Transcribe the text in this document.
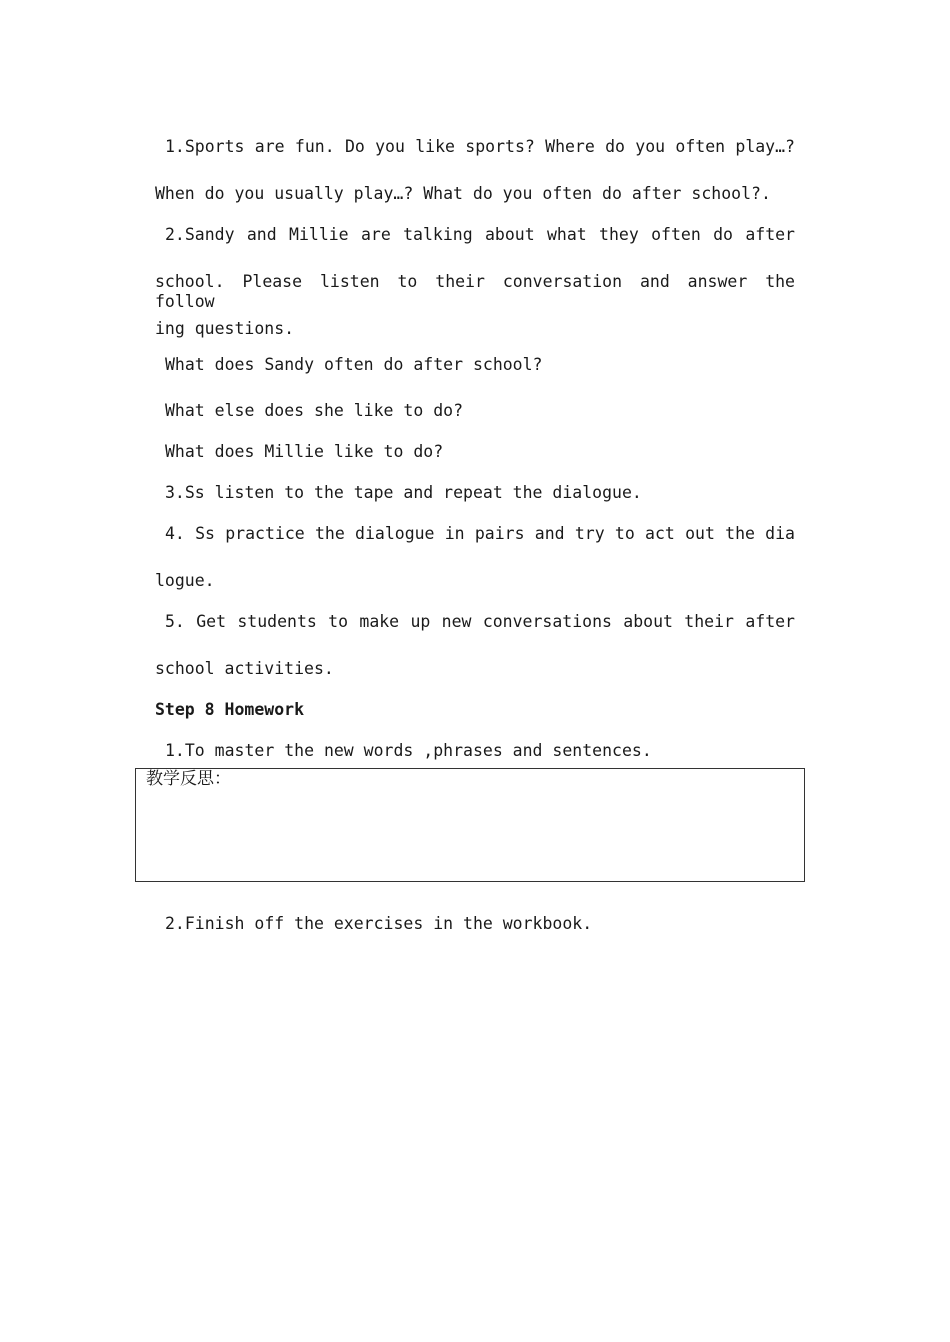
1.Sports are fun. Do you like sports? Where do you often play…?

When do you usually play…? What do you often do after school?.

2.Sandy and Millie are talking about what they often do after

school. Please listen to their conversation and answer the follow

ing questions.

What does Sandy often do after school?

What else does she like to do?

What does Millie like to do?

3.Ss listen to the tape and repeat the dialogue.

4. Ss practice the dialogue in pairs and try to act out the dia

logue.

5. Get students to make up new conversations about their after

school activities.

Step 8 Homework

1.To master the new words ,phrases and sentences.

教学反思：

2.Finish off the exercises in the workbook.
